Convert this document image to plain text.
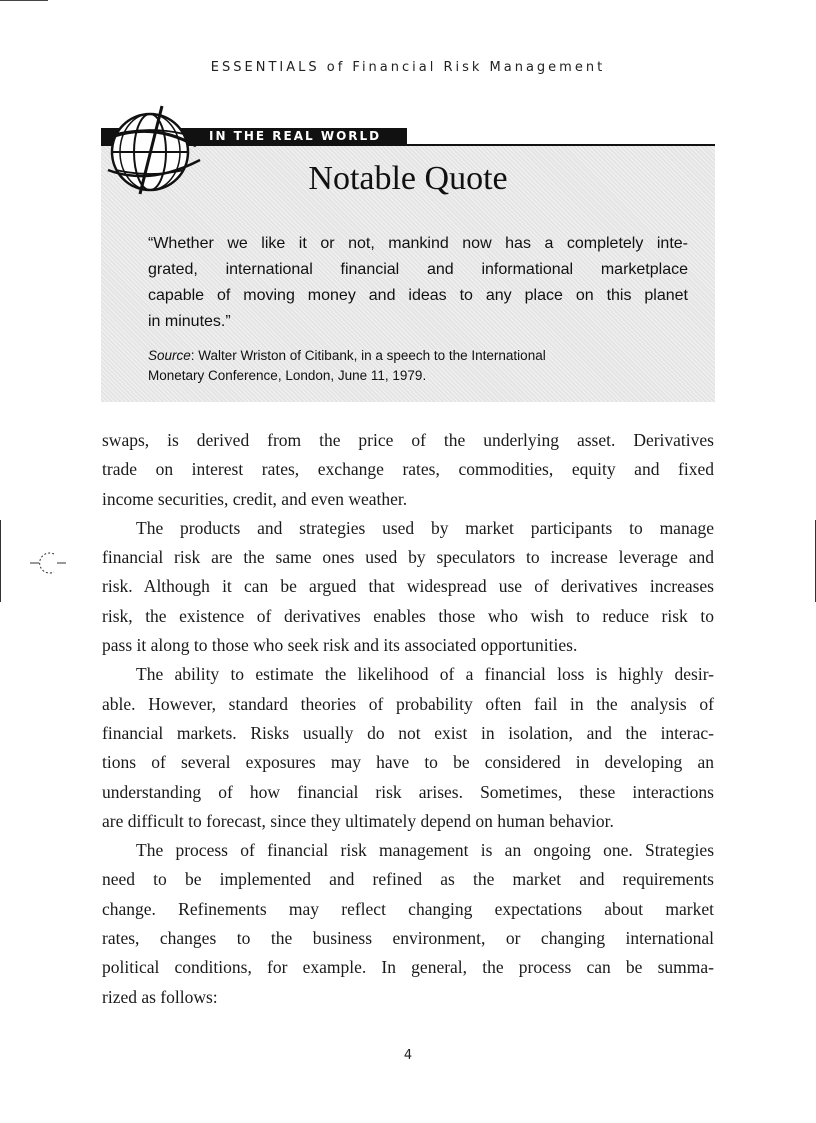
ESSENTIALS of Financial Risk Management
IN THE REAL WORLD
Notable Quote
“Whether we like it or not, mankind now has a completely inte-
grated, international financial and informational marketplace
capable of moving money and ideas to any place on this planet
in minutes.”
Source: Walter Wriston of Citibank, in a speech to the International
Monetary Conference, London, June 11, 1979.
swaps, is derived from the price of the underlying asset. Derivatives
trade on interest rates, exchange rates, commodities, equity and fixed
income securities, credit, and even weather.
The products and strategies used by market participants to manage
financial risk are the same ones used by speculators to increase leverage and
risk. Although it can be argued that widespread use of derivatives increases
risk, the existence of derivatives enables those who wish to reduce risk to
pass it along to those who seek risk and its associated opportunities.
The ability to estimate the likelihood of a financial loss is highly desir-
able. However, standard theories of probability often fail in the analysis of
financial markets. Risks usually do not exist in isolation, and the interac-
tions of several exposures may have to be considered in developing an
understanding of how financial risk arises. Sometimes, these interactions
are difficult to forecast, since they ultimately depend on human behavior.
The process of financial risk management is an ongoing one. Strategies
need to be implemented and refined as the market and requirements
change. Refinements may reflect changing expectations about market
rates, changes to the business environment, or changing international
political conditions, for example. In general, the process can be summa-
rized as follows:
4
